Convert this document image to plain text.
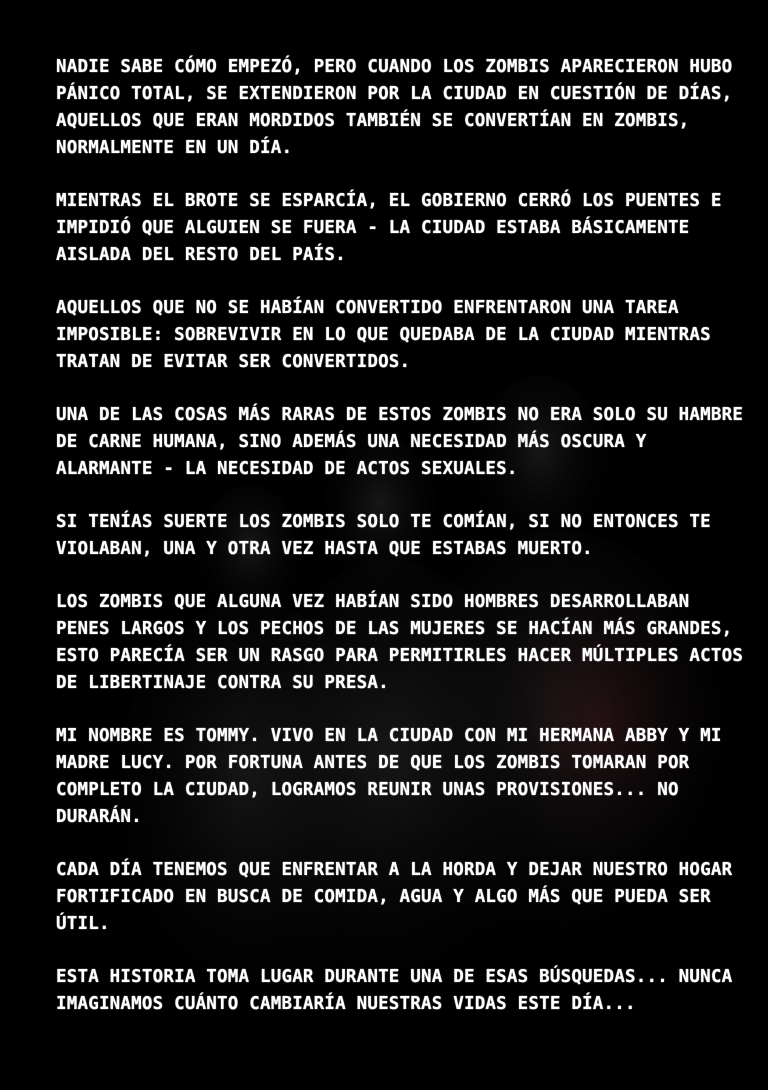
NADIE SABE CÓMO EMPEZÓ, PERO CUANDO LOS ZOMBIS APARECIERON HUBO PÁNICO TOTAL, SE EXTENDIERON POR LA CIUDAD EN CUESTIÓN DE DÍAS, AQUELLOS QUE ERAN MORDIDOS TAMBIÉN SE CONVERTÍAN EN ZOMBIS, NORMALMENTE EN UN DÍA.

MIENTRAS EL BROTE SE ESPARCÍA, EL GOBIERNO CERRÓ LOS PUENTES E IMPIDIÓ QUE ALGUIEN SE FUERA - LA CIUDAD ESTABA BÁSICAMENTE AISLADA DEL RESTO DEL PAÍS.

AQUELLOS QUE NO SE HABÍAN CONVERTIDO ENFRENTARON UNA TAREA IMPOSIBLE: SOBREVIVIR EN LO QUE QUEDABA DE LA CIUDAD MIENTRAS TRATAN DE EVITAR SER CONVERTIDOS.

UNA DE LAS COSAS MÁS RARAS DE ESTOS ZOMBIS NO ERA SOLO SU HAMBRE DE CARNE HUMANA, SINO ADEMÁS UNA NECESIDAD MÁS OSCURA Y ALARMANTE - LA NECESIDAD DE ACTOS SEXUALES.

SI TENÍAS SUERTE LOS ZOMBIS SOLO TE COMÍAN, SI NO ENTONCES TE VIOLABAN, UNA Y OTRA VEZ HASTA QUE ESTABAS MUERTO.

LOS ZOMBIS QUE ALGUNA VEZ HABÍAN SIDO HOMBRES DESARROLLABAN PENES LARGOS Y LOS PECHOS DE LAS MUJERES SE HACÍAN MÁS GRANDES, ESTO PARECÍA SER UN RASGO PARA PERMITIRLES HACER MÚLTIPLES ACTOS DE LIBERTINAJE CONTRA SU PRESA.

MI NOMBRE ES TOMMY. VIVO EN LA CIUDAD CON MI HERMANA ABBY Y MI MADRE LUCY. POR FORTUNA ANTES DE QUE LOS ZOMBIS TOMARAN POR COMPLETO LA CIUDAD, LOGRAMOS REUNIR UNAS PROVISIONES... NO DURARÁN.

CADA DÍA TENEMOS QUE ENFRENTAR A LA HORDA Y DEJAR NUESTRO HOGAR FORTIFICADO EN BUSCA DE COMIDA, AGUA Y ALGO MÁS QUE PUEDA SER ÚTIL.

ESTA HISTORIA TOMA LUGAR DURANTE UNA DE ESAS BÚSQUEDAS... NUNCA IMAGINAMOS CUÁNTO CAMBIARÍA NUESTRAS VIDAS ESTE DÍA...
